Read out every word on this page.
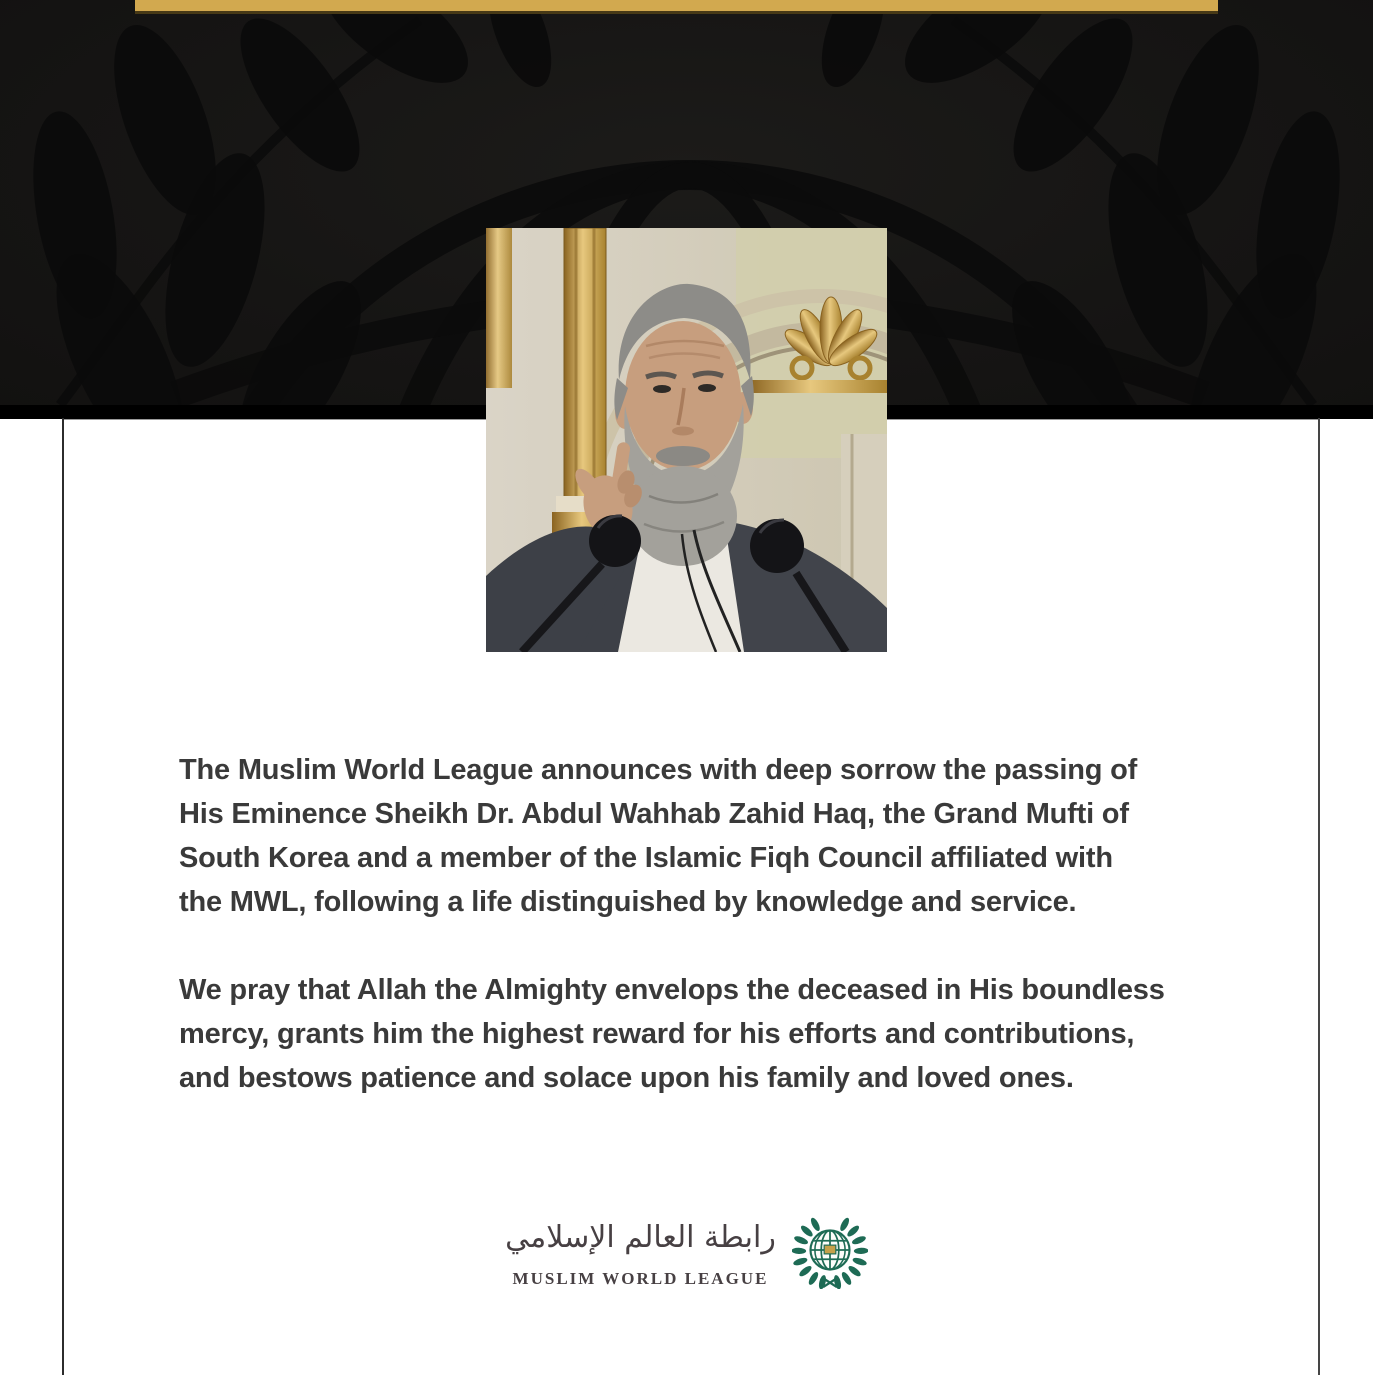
The Muslim World League announces with deep sorrow the passing of
His Eminence Sheikh Dr. Abdul Wahhab Zahid Haq, the Grand Mufti of
South Korea and a member of the Islamic Fiqh Council affiliated with
the MWL, following a life distinguished by knowledge and service.
We pray that Allah the Almighty envelops the deceased in His boundless
mercy, grants him the highest reward for his efforts and contributions,
and bestows patience and solace upon his family and loved ones.
رابطة العالم الإسلامي
MUSLIM WORLD LEAGUE
